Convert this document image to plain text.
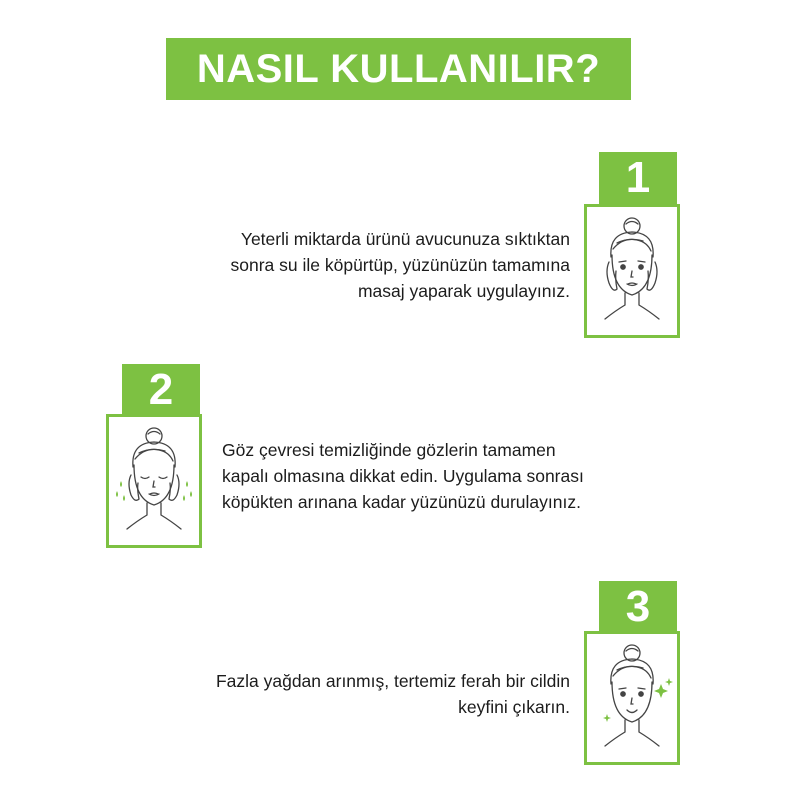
NASIL KULLANILIR?
1
Yeterli miktarda ürünü avucunuza sıktıktan
sonra su ile köpürtüp, yüzünüzün tamamına
masaj yaparak uygulayınız.
2
Göz çevresi temizliğinde gözlerin tamamen
kapalı olmasına dikkat edin. Uygulama sonrası
köpükten arınana kadar yüzünüzü durulayınız.
3
Fazla yağdan arınmış, tertemiz ferah bir cildin
keyfini çıkarın.
